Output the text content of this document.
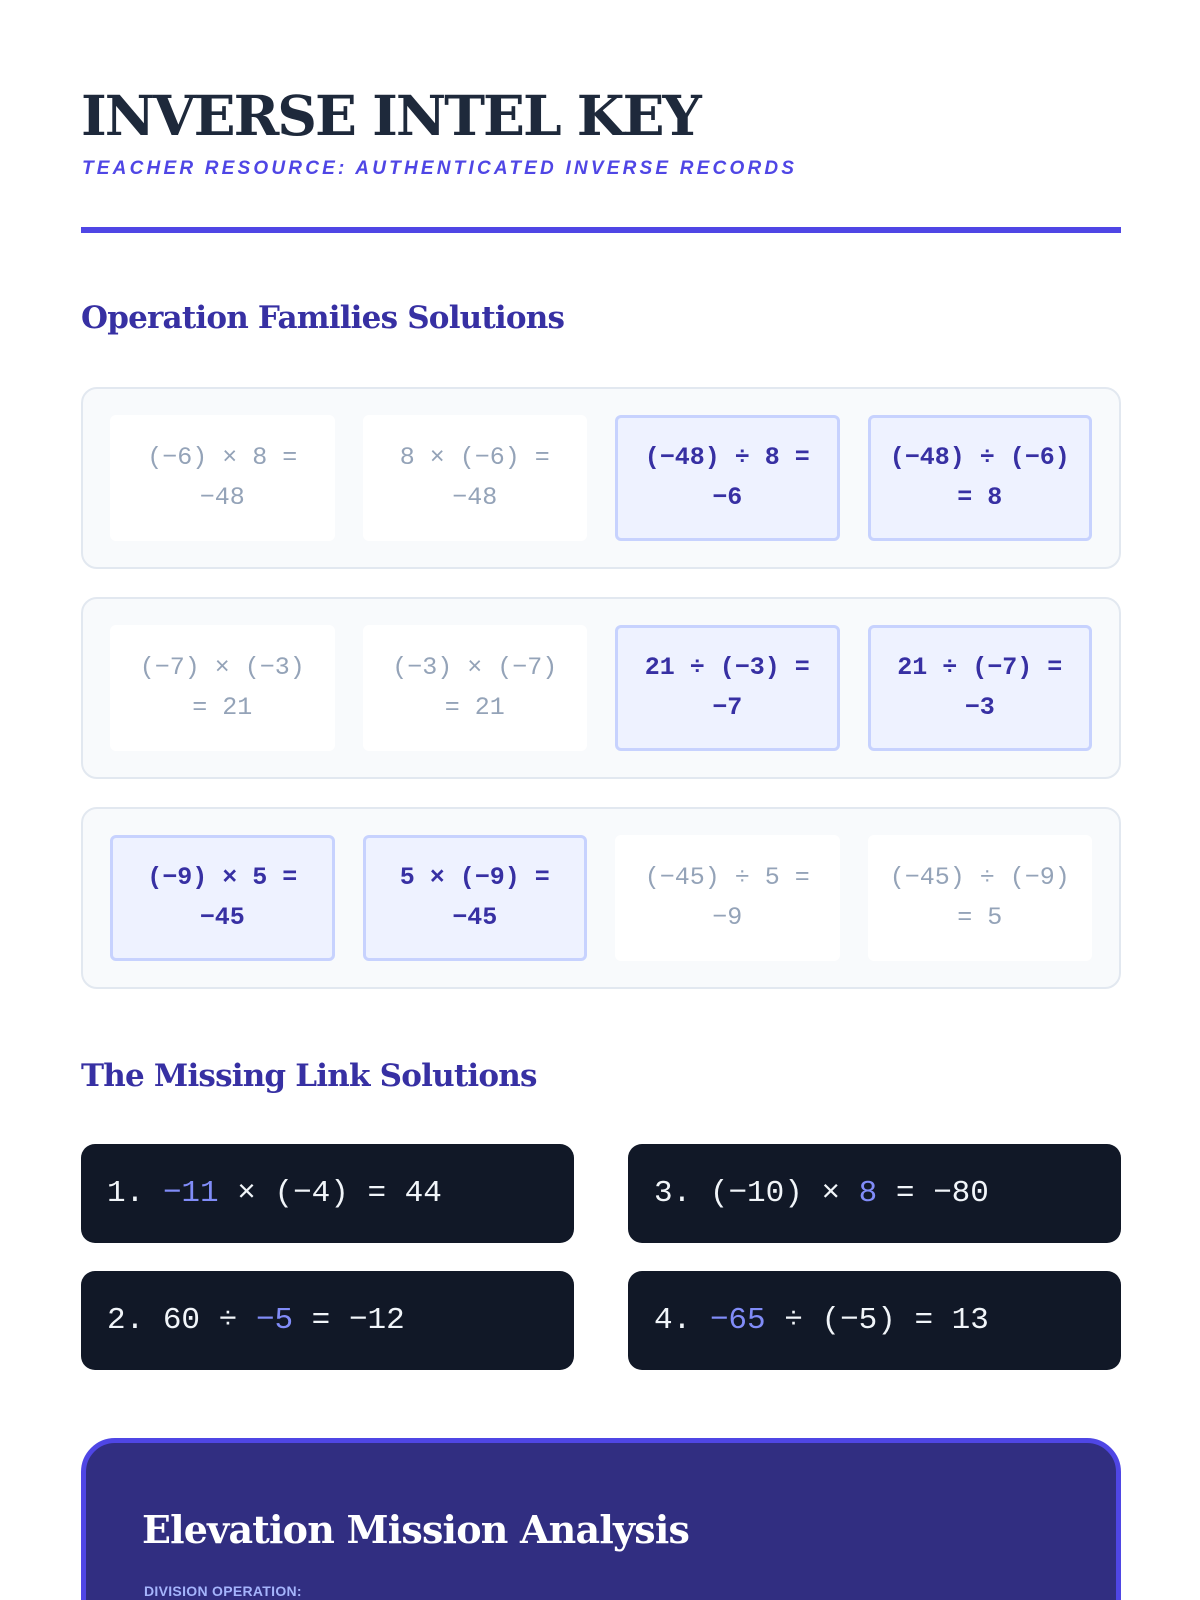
INVERSE INTEL KEY
TEACHER RESOURCE: AUTHENTICATED INVERSE RECORDS
Operation Families Solutions
(−6) × 8 = −48
8 × (−6) = −48
(−48) ÷ 8 = −6
(−48) ÷ (−6) = 8
(−7) × (−3) = 21
(−3) × (−7) = 21
21 ÷ (−3) = −7
21 ÷ (−7) = −3
(−9) × 5 = −45
5 × (−9) = −45
(−45) ÷ 5 = −9
(−45) ÷ (−9) = 5
The Missing Link Solutions
1.
−11 × (−4) = 44	3.
(−10) × 8 = −80
2.
60 ÷ −5 = −12	4.
−65 ÷ (−5) = 13
Elevation Mission Analysis
DIVISION OPERATION:
